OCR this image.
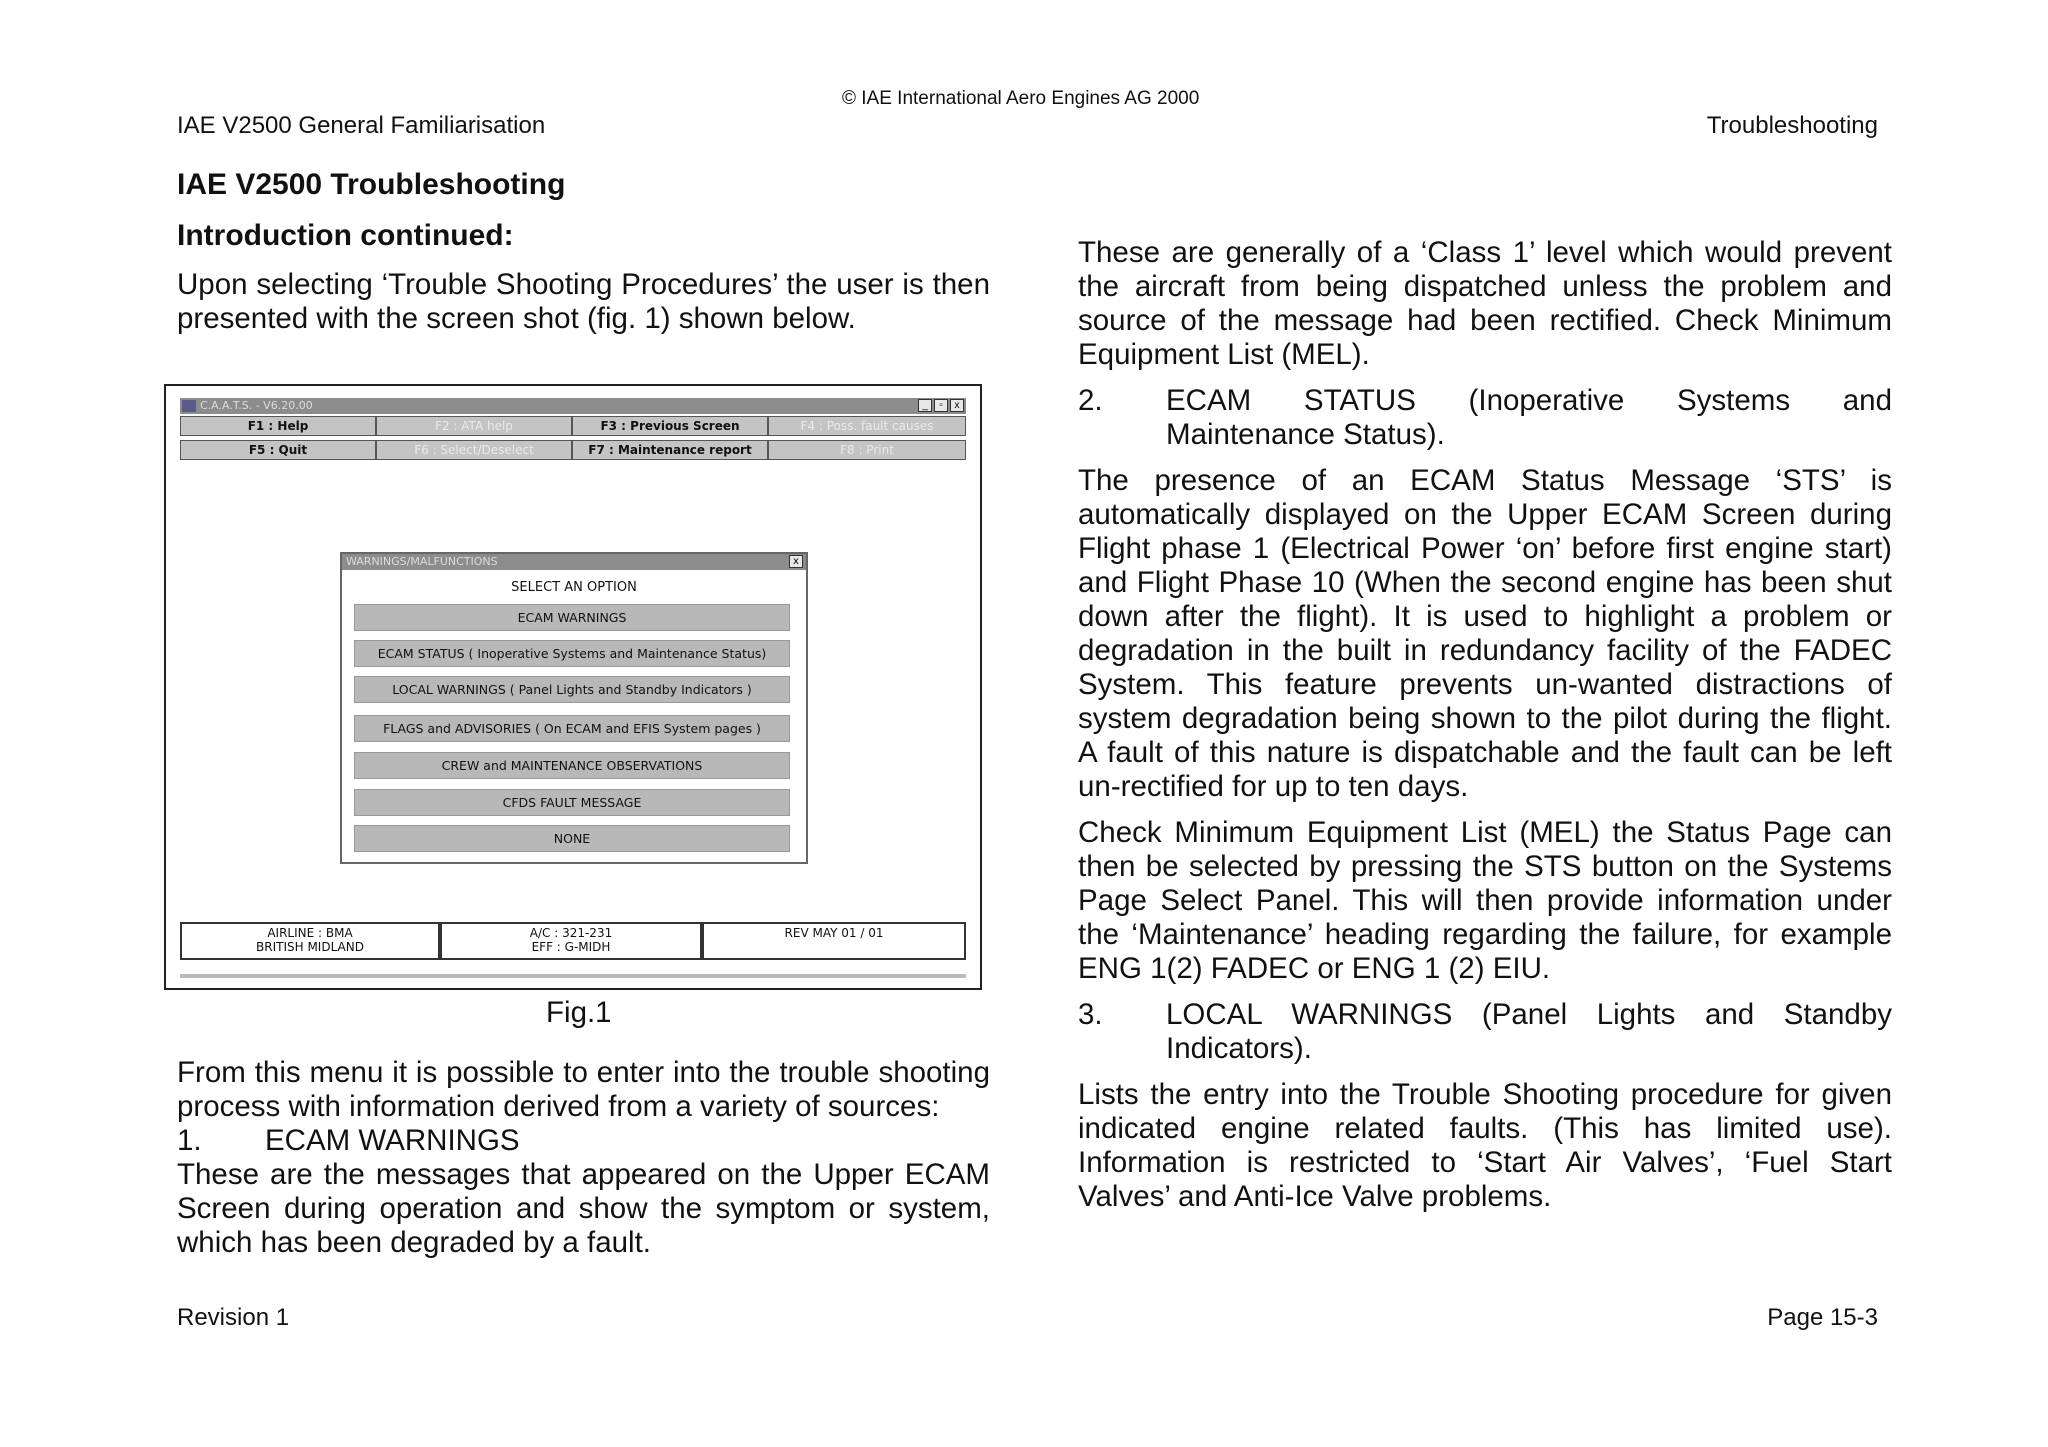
© IAE International Aero Engines AG 2000
IAE V2500 General Familiarisation	Troubleshooting
IAE V2500 Troubleshooting
Introduction continued:
Upon selecting ‘Trouble Shooting Procedures’ the user is then
presented with the screen shot (fig. 1) shown below.
C.A.A.T.S. - V6.20.00	_	▫	x
F1 : Help	F2 : ATA help	F3 : Previous Screen	F4 : Poss. fault causes
F5 : Quit	F6 : Select/Deselect	F7 : Maintenance report	F8 : Print
WARNINGS/MALFUNCTIONS	x
SELECT AN OPTION
ECAM WARNINGS
ECAM STATUS ( Inoperative Systems and Maintenance Status)
LOCAL WARNINGS ( Panel Lights and Standby Indicators )
FLAGS and ADVISORIES ( On ECAM and EFIS System pages )
CREW and MAINTENANCE OBSERVATIONS
CFDS FAULT MESSAGE
NONE
AIRLINE : BMA
BRITISH MIDLAND
A/C : 321-231
EFF : G-MIDH
REV MAY 01 / 01
Fig.1
From this menu it is possible to enter into the trouble shooting
process with information derived from a variety of sources:
1. ECAM WARNINGS
These are the messages that appeared on the Upper ECAM
Screen during operation and show the symptom or system,
which has been degraded by a fault.
These are generally of a ‘Class 1’ level which would prevent
the aircraft from being dispatched unless the problem and
source of the message had been rectified. Check Minimum
Equipment List (MEL).
2. ECAM STATUS (Inoperative Systems and
Maintenance Status).
The presence of an ECAM Status Message ‘STS’ is
automatically displayed on the Upper ECAM Screen during
Flight phase 1 (Electrical Power ‘on’ before first engine start)
and Flight Phase 10 (When the second engine has been shut
down after the flight). It is used to highlight a problem or
degradation in the built in redundancy facility of the FADEC
System. This feature prevents un-wanted distractions of
system degradation being shown to the pilot during the flight.
A fault of this nature is dispatchable and the fault can be left
un-rectified for up to ten days.
Check Minimum Equipment List (MEL) the Status Page can
then be selected by pressing the STS button on the Systems
Page Select Panel. This will then provide information under
the ‘Maintenance’ heading regarding the failure, for example
ENG 1(2) FADEC or ENG 1 (2) EIU.
3. LOCAL WARNINGS (Panel Lights and Standby
Indicators).
Lists the entry into the Trouble Shooting procedure for given
indicated engine related faults. (This has limited use).
Information is restricted to ‘Start Air Valves’, ‘Fuel Start
Valves’ and Anti-Ice Valve problems.
Revision 1	Page 15-3
